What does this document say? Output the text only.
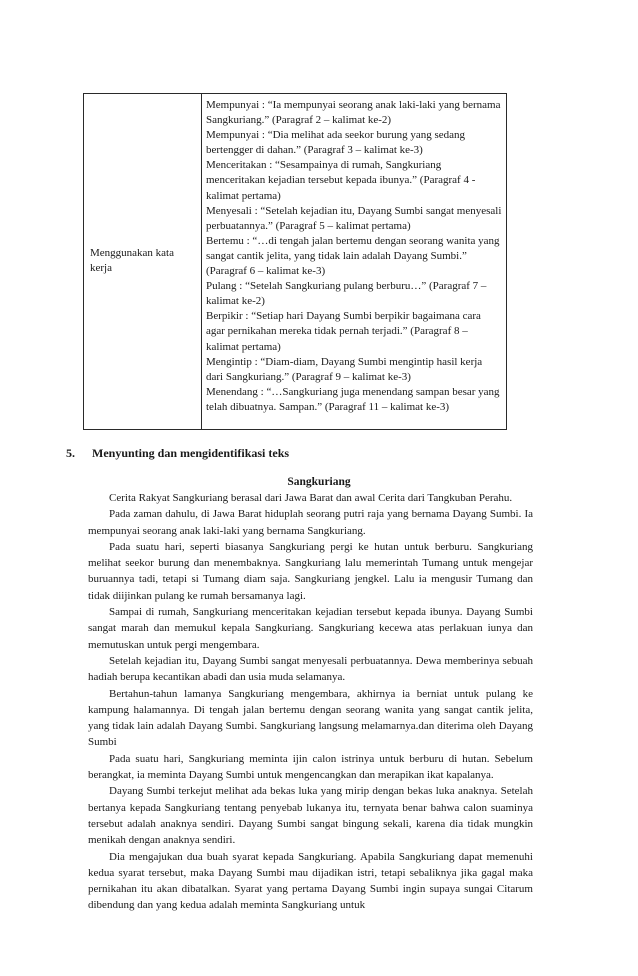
Menggunakan kata kerja
Mempunyai : “Ia mempunyai seorang anak laki-laki yang bernama Sangkuriang.” (Paragraf 2 – kalimat ke-2)
Mempunyai : “Dia melihat ada seekor burung yang sedang bertengger di dahan.” (Paragraf 3 – kalimat ke-3)
Menceritakan : “Sesampainya di rumah, Sangkuriang menceritakan kejadian tersebut kepada ibunya.” (Paragraf 4 - kalimat pertama)
Menyesali : “Setelah kejadian itu, Dayang Sumbi sangat menyesali perbuatannya.” (Paragraf 5 – kalimat pertama)
Bertemu : “…di tengah jalan bertemu dengan seorang wanita yang sangat cantik jelita, yang tidak lain adalah Dayang Sumbi.” (Paragraf 6 – kalimat ke-3)
Pulang : “Setelah Sangkuriang pulang berburu…” (Paragraf 7 – kalimat ke-2)
Berpikir : “Setiap hari Dayang Sumbi berpikir bagaimana cara agar pernikahan mereka tidak pernah terjadi.” (Paragraf 8 – kalimat pertama)
Mengintip : “Diam-diam, Dayang Sumbi mengintip hasil kerja dari Sangkuriang.” (Paragraf 9 – kalimat ke-3)
Menendang : “…Sangkuriang juga menendang sampan besar yang telah dibuatnya. Sampan.” (Paragraf 11 – kalimat ke-3)
5. Menyunting dan mengidentifikasi teks
Sangkuriang

Cerita Rakyat Sangkuriang berasal dari Jawa Barat dan awal Cerita dari Tangkuban Perahu.

Pada zaman dahulu, di Jawa Barat hiduplah seorang putri raja yang bernama Dayang Sumbi. Ia mempunyai seorang anak laki-laki yang bernama Sangkuriang.

Pada suatu hari, seperti biasanya Sangkuriang pergi ke hutan untuk berburu. Sangkuriang melihat seekor burung dan menembaknya. Sangkuriang lalu memerintah Tumang untuk mengejar buruannya tadi, tetapi si Tumang diam saja. Sangkuriang jengkel. Lalu ia mengusir Tumang dan tidak diijinkan pulang ke rumah bersamanya lagi.

Sampai di rumah, Sangkuriang menceritakan kejadian tersebut kepada ibunya. Dayang Sumbi sangat marah dan memukul kepala Sangkuriang. Sangkuriang kecewa atas perlakuan iunya dan memutuskan untuk pergi mengembara.

Setelah kejadian itu, Dayang Sumbi sangat menyesali perbuatannya. Dewa memberinya sebuah hadiah berupa kecantikan abadi dan usia muda selamanya.

Bertahun-tahun lamanya Sangkuriang mengembara, akhirnya ia berniat untuk pulang ke kampung halamannya. Di tengah jalan bertemu dengan seorang wanita yang sangat cantik jelita, yang tidak lain adalah Dayang Sumbi. Sangkuriang langsung melamarnya.dan diterima oleh Dayang Sumbi

Pada suatu hari, Sangkuriang meminta ijin calon istrinya untuk berburu di hutan. Sebelum berangkat, ia meminta Dayang Sumbi untuk mengencangkan dan merapikan ikat kapalanya.

Dayang Sumbi terkejut melihat ada bekas luka yang mirip dengan bekas luka anaknya. Setelah bertanya kepada Sangkuriang tentang penyebab lukanya itu, ternyata benar bahwa calon suaminya tersebut adalah anaknya sendiri. Dayang Sumbi sangat bingung sekali, karena dia tidak mungkin menikah dengan anaknya sendiri.

Dia mengajukan dua buah syarat kepada Sangkuriang. Apabila Sangkuriang dapat memenuhi kedua syarat tersebut, maka Dayang Sumbi mau dijadikan istri, tetapi sebaliknya jika gagal maka pernikahan itu akan dibatalkan. Syarat yang pertama Dayang Sumbi ingin supaya sungai Citarum dibendung dan yang kedua adalah meminta Sangkuriang untuk
